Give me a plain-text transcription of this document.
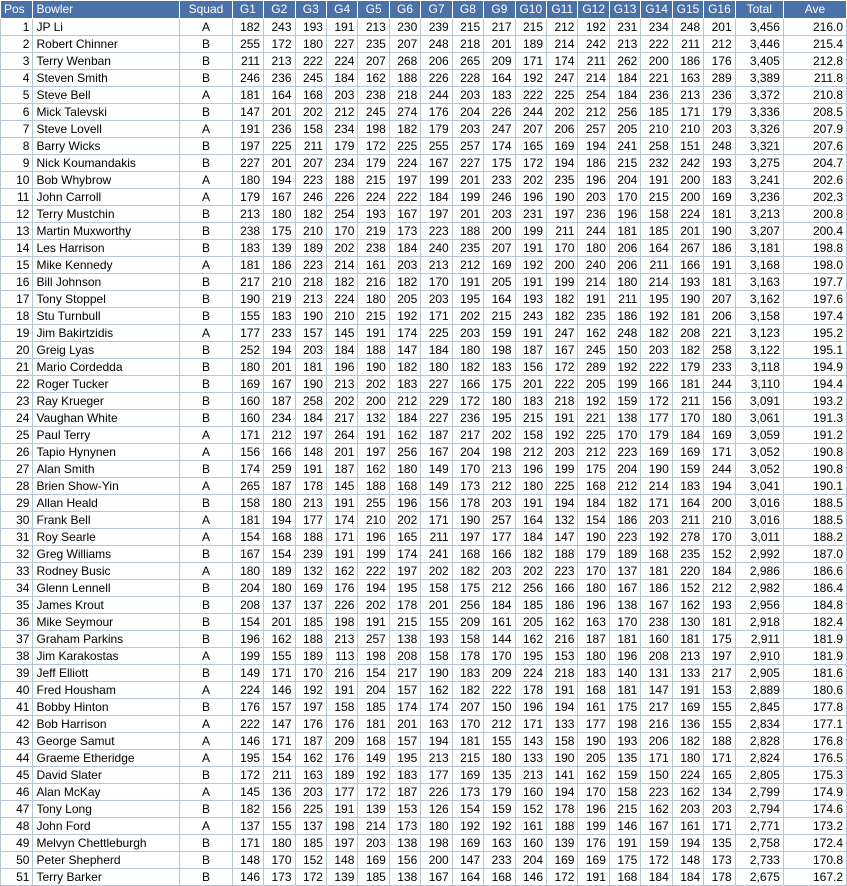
Pos	Bowler	Squad	G1	G2	G3	G4	G5	G6	G7	G8	G9	G10	G11	G12	G13	G14	G15	G16	Total	Ave
1	JP Li	A	182	243	193	191	213	230	239	215	217	215	212	192	231	234	248	201	3,456	216.0
2	Robert Chinner	B	255	172	180	227	235	207	248	218	201	189	214	242	213	222	211	212	3,446	215.4
3	Terry Wenban	B	211	213	222	224	207	268	206	265	209	171	174	211	262	200	186	176	3,405	212.8
4	Steven Smith	B	246	236	245	184	162	188	226	228	164	192	247	214	184	221	163	289	3,389	211.8
5	Steve Bell	A	181	164	168	203	238	218	244	203	183	222	225	254	184	236	213	236	3,372	210.8
6	Mick Talevski	B	147	201	202	212	245	274	176	204	226	244	202	212	256	185	171	179	3,336	208.5
7	Steve Lovell	A	191	236	158	234	198	182	179	203	247	207	206	257	205	210	210	203	3,326	207.9
8	Barry Wicks	B	197	225	211	179	172	225	255	257	174	165	169	194	241	258	151	248	3,321	207.6
9	Nick Koumandakis	B	227	201	207	234	179	224	167	227	175	172	194	186	215	232	242	193	3,275	204.7
10	Bob Whybrow	A	180	194	223	188	215	197	199	201	233	202	235	196	204	191	200	183	3,241	202.6
11	John Carroll	A	179	167	246	226	224	222	184	199	246	196	190	203	170	215	200	169	3,236	202.3
12	Terry Mustchin	B	213	180	182	254	193	167	197	201	203	231	197	236	196	158	224	181	3,213	200.8
13	Martin Muxworthy	B	238	175	210	170	219	173	223	188	200	199	211	244	181	185	201	190	3,207	200.4
14	Les Harrison	B	183	139	189	202	238	184	240	235	207	191	170	180	206	164	267	186	3,181	198.8
15	Mike Kennedy	A	181	186	223	214	161	203	213	212	169	192	200	240	206	211	166	191	3,168	198.0
16	Bill Johnson	B	217	210	218	182	216	182	170	191	205	191	199	214	180	214	193	181	3,163	197.7
17	Tony Stoppel	B	190	219	213	224	180	205	203	195	164	193	182	191	211	195	190	207	3,162	197.6
18	Stu Turnbull	B	155	183	190	210	215	192	171	202	215	243	182	235	186	192	181	206	3,158	197.4
19	Jim Bakirtzidis	A	177	233	157	145	191	174	225	203	159	191	247	162	248	182	208	221	3,123	195.2
20	Greig Lyas	B	252	194	203	184	188	147	184	180	198	187	167	245	150	203	182	258	3,122	195.1
21	Mario Cordedda	B	180	201	181	196	190	182	180	182	183	156	172	289	192	222	179	233	3,118	194.9
22	Roger Tucker	B	169	167	190	213	202	183	227	166	175	201	222	205	199	166	181	244	3,110	194.4
23	Ray Krueger	B	160	187	258	202	200	212	229	172	180	183	218	192	159	172	211	156	3,091	193.2
24	Vaughan White	B	160	234	184	217	132	184	227	236	195	215	191	221	138	177	170	180	3,061	191.3
25	Paul Terry	A	171	212	197	264	191	162	187	217	202	158	192	225	170	179	184	169	3,059	191.2
26	Tapio Hynynen	A	156	166	148	201	197	256	167	204	198	212	203	212	223	169	169	171	3,052	190.8
27	Alan Smith	B	174	259	191	187	162	180	149	170	213	196	199	175	204	190	159	244	3,052	190.8
28	Brien Show-Yin	A	265	187	178	145	188	168	149	173	212	180	225	168	212	214	183	194	3,041	190.1
29	Allan Heald	B	158	180	213	191	255	196	156	178	203	191	194	184	182	171	164	200	3,016	188.5
30	Frank Bell	A	181	194	177	174	210	202	171	190	257	164	132	154	186	203	211	210	3,016	188.5
31	Roy Searle	A	154	168	188	171	196	165	211	197	177	184	147	190	223	192	278	170	3,011	188.2
32	Greg Williams	B	167	154	239	191	199	174	241	168	166	182	188	179	189	168	235	152	2,992	187.0
33	Rodney Busic	A	180	189	132	162	222	197	202	182	203	202	223	170	137	181	220	184	2,986	186.6
34	Glenn Lennell	B	204	180	169	176	194	195	158	175	212	256	166	180	167	186	152	212	2,982	186.4
35	James Krout	B	208	137	137	226	202	178	201	256	184	185	186	196	138	167	162	193	2,956	184.8
36	Mike Seymour	B	154	201	185	198	191	215	155	209	161	205	162	163	170	238	130	181	2,918	182.4
37	Graham Parkins	B	196	162	188	213	257	138	193	158	144	162	216	187	181	160	181	175	2,911	181.9
38	Jim Karakostas	A	199	155	189	113	198	208	158	178	170	195	153	180	196	208	213	197	2,910	181.9
39	Jeff Elliott	B	149	171	170	216	154	217	190	183	209	224	218	183	140	131	133	217	2,905	181.6
40	Fred Housham	A	224	146	192	191	204	157	162	182	222	178	191	168	181	147	191	153	2,889	180.6
41	Bobby Hinton	B	176	157	197	158	185	174	174	207	150	196	194	161	175	217	169	155	2,845	177.8
42	Bob Harrison	A	222	147	176	176	181	201	163	170	212	171	133	177	198	216	136	155	2,834	177.1
43	George Samut	A	146	171	187	209	168	157	194	181	155	143	158	190	193	206	182	188	2,828	176.8
44	Graeme Etheridge	A	195	154	162	176	149	195	213	215	180	133	190	205	135	171	180	171	2,824	176.5
45	David Slater	B	172	211	163	189	192	183	177	169	135	213	141	162	159	150	224	165	2,805	175.3
46	Alan McKay	A	145	136	203	177	172	187	226	173	179	160	194	170	158	223	162	134	2,799	174.9
47	Tony Long	B	182	156	225	191	139	153	126	154	159	152	178	196	215	162	203	203	2,794	174.6
48	John Ford	A	137	155	137	198	214	173	180	192	192	161	188	199	146	167	161	171	2,771	173.2
49	Melvyn Chettleburgh	B	171	180	185	197	203	138	198	169	163	160	139	176	191	159	194	135	2,758	172.4
50	Peter Shepherd	B	148	170	152	148	169	156	200	147	233	204	169	169	175	172	148	173	2,733	170.8
51	Terry Barker	B	146	173	172	139	185	138	167	164	168	146	172	191	168	184	184	178	2,675	167.2
